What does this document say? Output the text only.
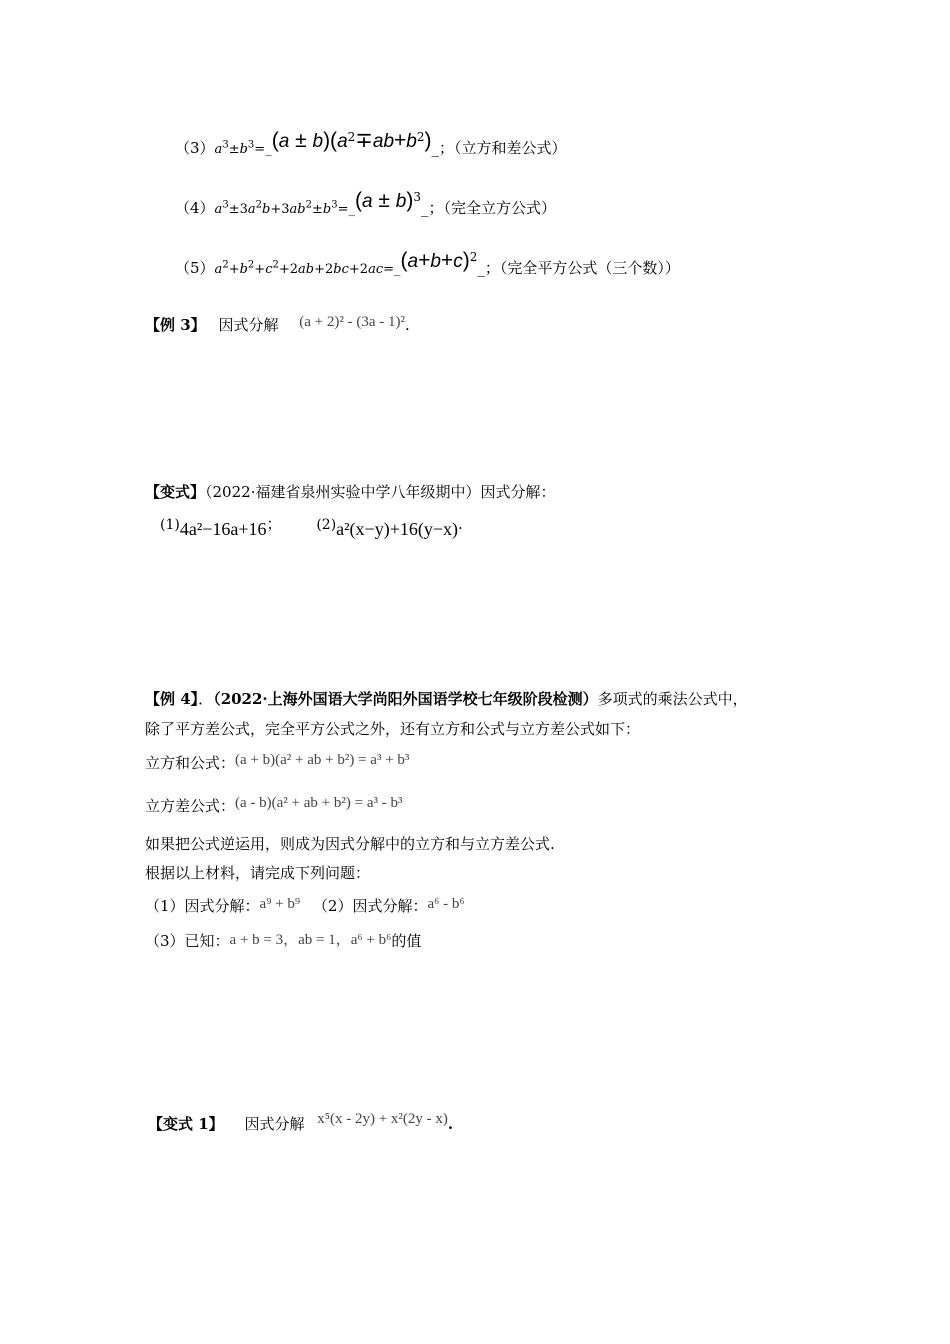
$(3)a^3\pm b^3=\_(a$ ± $b)(a^2\mp ab+b^2)\_$；（立方和差公式）
$(4)a^3\pm 3a^2b+3ab^2\pm b^3=\_(a$ ± b)$^3$_；（完全立方公式）
$(5)a^2+b^2+c^2+2ab+2bc+2ac=\_(a+b+c)^2\_$；（完全平方公式（三个数））
【例 3】 因式分解 (a + 2)² - (3a - 1)².
【变式】（2022·福建省泉州实验中学八年级期中）因式分解：
(1)4a²−16a+16； (2)a²(x−y)+16(y−x).
【例 4】．（2022·上海外国语大学尚阳外国语学校七年级阶段检测）多项式的乘法公式中，
除了平方差公式，完全平方公式之外，还有立方和公式与立方差公式如下：
立方和公式：(a + b)(a² + ab + b²) = a³ + b³
立方差公式：(a - b)(a² + ab + b²) = a³ - b³
如果把公式逆运用，则成为因式分解中的立方和与立方差公式.
根据以上材料，请完成下列问题：
（1）因式分解：a⁹ + b⁹ （2）因式分解：a⁶ - b⁶
（3）已知：a + b = 3，ab = 1，a⁶ + b⁶的值
【变式 1】 因式分解 x⁵(x - 2y) + x²(2y - x).
